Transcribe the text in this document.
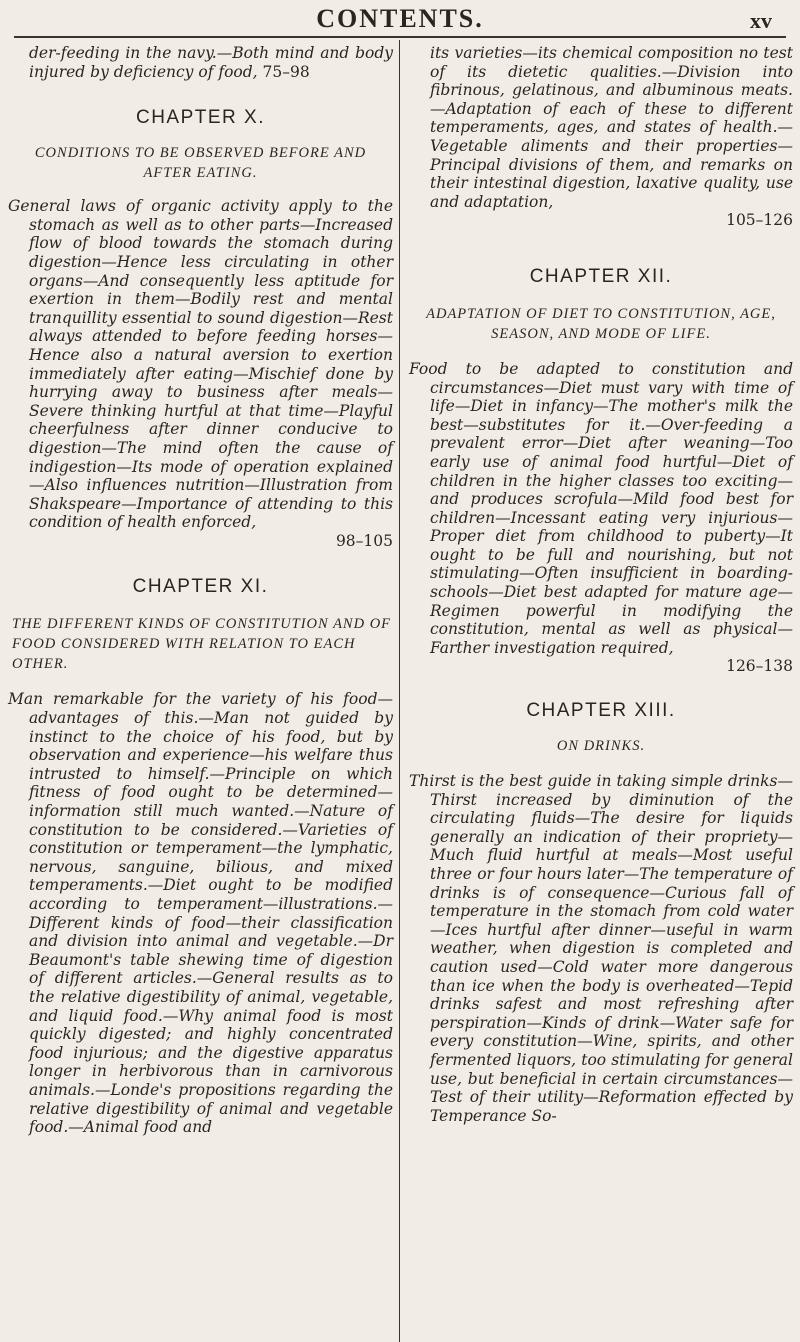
CONTENTS.	xv

der-feeding in the navy.—Both mind and body injured by deficiency of food, 75–98

CHAPTER X.

CONDITIONS TO BE OBSERVED BEFORE AND AFTER EATING.

General laws of organic activity apply to the stomach as well as to other parts—Increased flow of blood towards the stomach during digestion—Hence less circulating in other organs—And consequently less aptitude for exertion in them—Bodily rest and mental tranquillity essential to sound digestion—Rest always attended to before feeding horses—Hence also a natural aversion to exertion immediately after eating—Mischief done by hurrying away to business after meals—Severe thinking hurtful at that time—Playful cheerfulness after dinner conducive to digestion—The mind often the cause of indigestion—Its mode of operation explained—Also influences nutrition—Illustration from Shakspeare—Importance of attending to this condition of health enforced,
98–105

CHAPTER XI.

THE DIFFERENT KINDS OF CONSTITUTION AND OF FOOD CONSIDERED WITH RELATION TO EACH OTHER.

Man remarkable for the variety of his food—advantages of this.—Man not guided by instinct to the choice of his food, but by observation and experience—his welfare thus intrusted to himself.—Principle on which fitness of food ought to be determined—information still much wanted.—Nature of constitution to be considered.—Varieties of constitution or temperament—the lymphatic, nervous, sanguine, bilious, and mixed temperaments.—Diet ought to be modified according to temperament—illustrations.—Different kinds of food—their classification and division into animal and vegetable.—Dr Beaumont's table shewing time of digestion of different articles.—General results as to the relative digestibility of animal, vegetable, and liquid food.—Why animal food is most quickly digested; and highly concentrated food injurious; and the digestive apparatus longer in herbivorous than in carnivorous animals.—Londe's propositions regarding the relative digestibility of animal and vegetable food.—Animal food and

its varieties—its chemical composition no test of its dietetic qualities.—Division into fibrinous, gelatinous, and albuminous meats.—Adaptation of each of these to different temperaments, ages, and states of health.—Vegetable aliments and their properties—Principal divisions of them, and remarks on their intestinal digestion, laxative quality, use and adaptation,
105–126

CHAPTER XII.

ADAPTATION OF DIET TO CONSTITUTION, AGE, SEASON, AND MODE OF LIFE.

Food to be adapted to constitution and circumstances—Diet must vary with time of life—Diet in infancy—The mother's milk the best—substitutes for it.—Over-feeding a prevalent error—Diet after weaning—Too early use of animal food hurtful—Diet of children in the higher classes too exciting—and produces scrofula—Mild food best for children—Incessant eating very injurious—Proper diet from childhood to puberty—It ought to be full and nourishing, but not stimulating—Often insufficient in boarding-schools—Diet best adapted for mature age—Regimen powerful in modifying the constitution, mental as well as physical—Farther investigation required,
126–138

CHAPTER XIII.

ON DRINKS.

Thirst is the best guide in taking simple drinks—Thirst increased by diminution of the circulating fluids—The desire for liquids generally an indication of their propriety—Much fluid hurtful at meals—Most useful three or four hours later—The temperature of drinks is of consequence—Curious fall of temperature in the stomach from cold water—Ices hurtful after dinner—useful in warm weather, when digestion is completed and caution used—Cold water more dangerous than ice when the body is overheated—Tepid drinks safest and most refreshing after perspiration—Kinds of drink—Water safe for every constitution—Wine, spirits, and other fermented liquors, too stimulating for general use, but beneficial in certain circumstances—Test of their utility—Reformation effected by Temperance So-
